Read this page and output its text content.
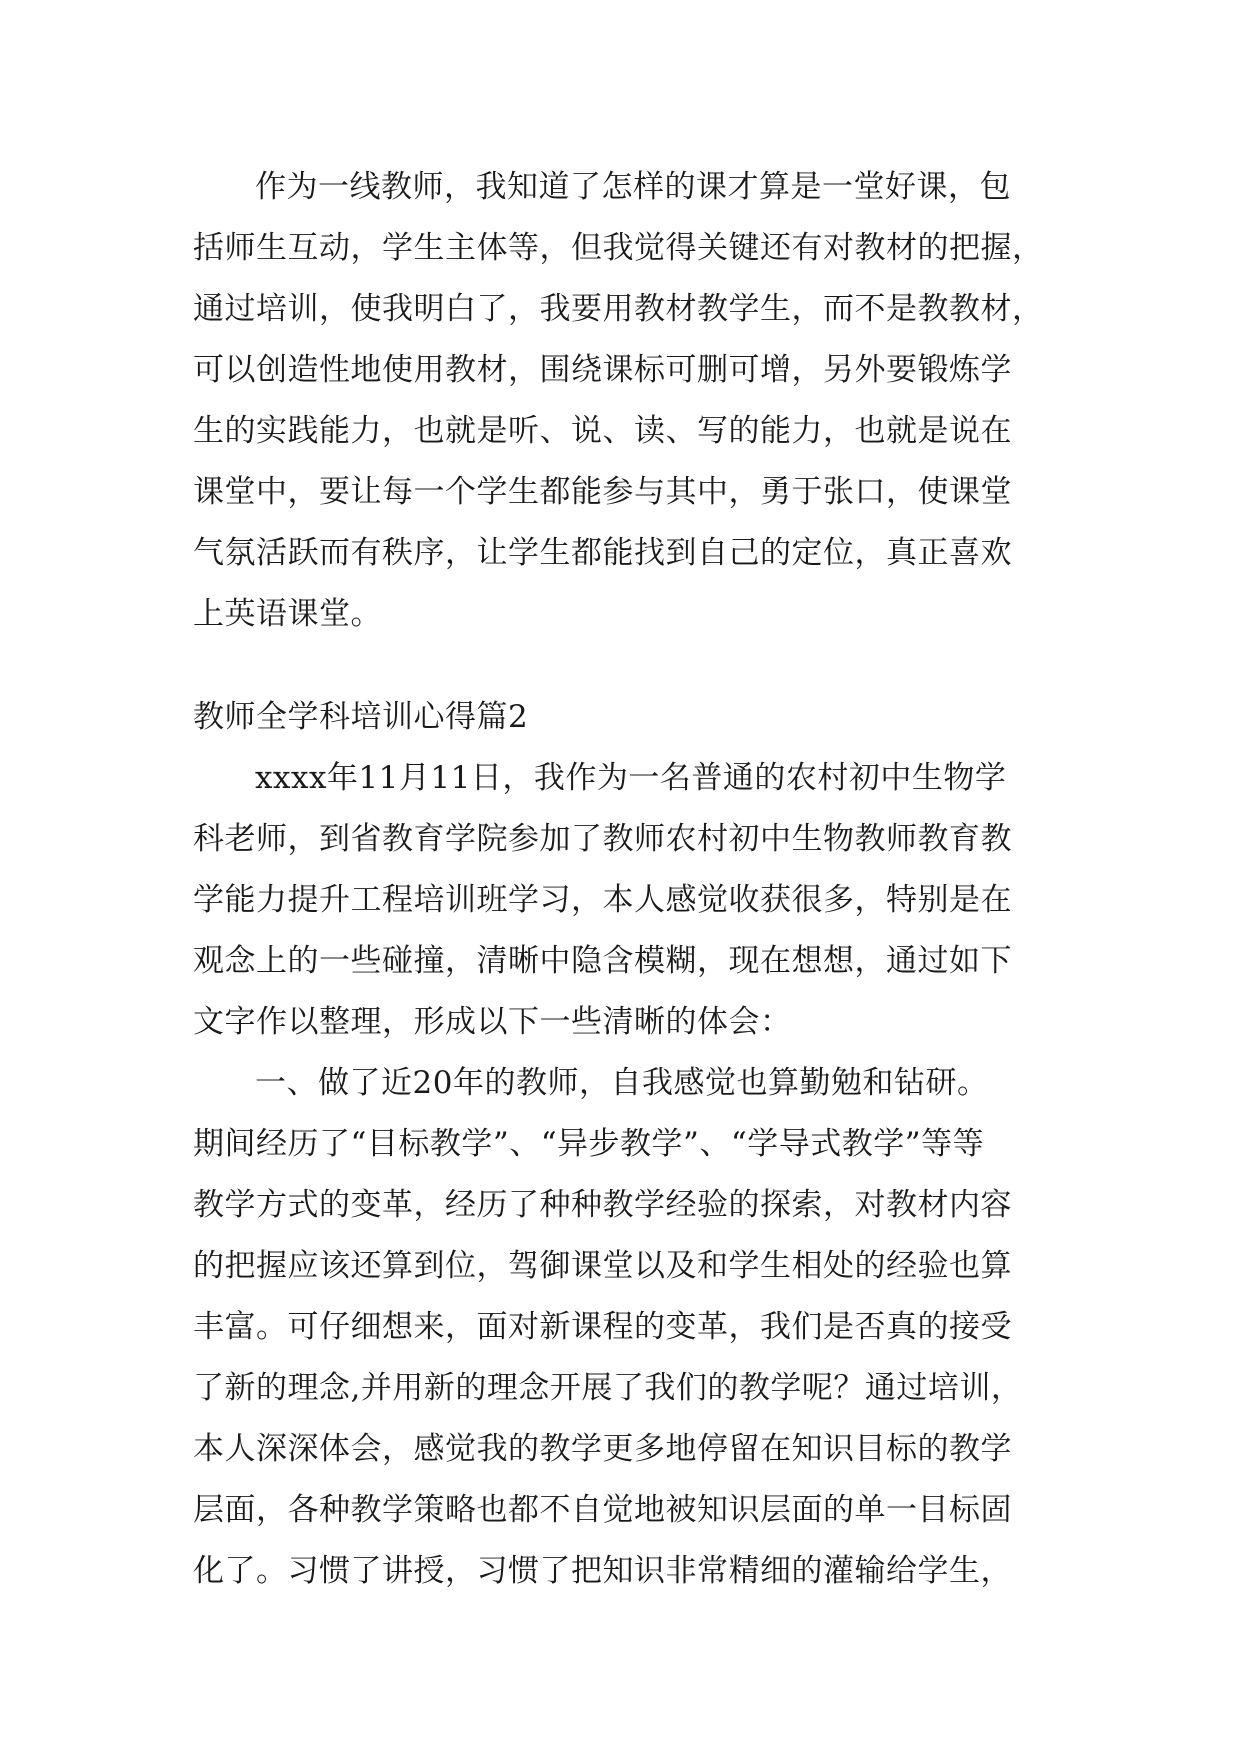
作为一线教师，我知道了怎样的课才算是一堂好课，包
括师生互动，学生主体等，但我觉得关键还有对教材的把握，
通过培训，使我明白了，我要用教材教学生，而不是教教材，
可以创造性地使用教材，围绕课标可删可增，另外要锻炼学
生的实践能力，也就是听、说、读、写的能力，也就是说在
课堂中，要让每一个学生都能参与其中，勇于张口，使课堂
气氛活跃而有秩序，让学生都能找到自己的定位，真正喜欢
上英语课堂。
教师全学科培训心得篇2
xxxx年11月11日，我作为一名普通的农村初中生物学
科老师，到省教育学院参加了教师农村初中生物教师教育教
学能力提升工程培训班学习，本人感觉收获很多，特别是在
观念上的一些碰撞，清晰中隐含模糊，现在想想，通过如下
文字作以整理，形成以下一些清晰的体会：
一、做了近20年的教师，自我感觉也算勤勉和钻研。
期间经历了“目标教学”、“异步教学”、“学导式教学”等等
教学方式的变革，经历了种种教学经验的探索，对教材内容
的把握应该还算到位，驾御课堂以及和学生相处的经验也算
丰富。可仔细想来，面对新课程的变革，我们是否真的接受
了新的理念,并用新的理念开展了我们的教学呢？通过培训，
本人深深体会，感觉我的教学更多地停留在知识目标的教学
层面，各种教学策略也都不自觉地被知识层面的单一目标固
化了。习惯了讲授，习惯了把知识非常精细的灌输给学生，
